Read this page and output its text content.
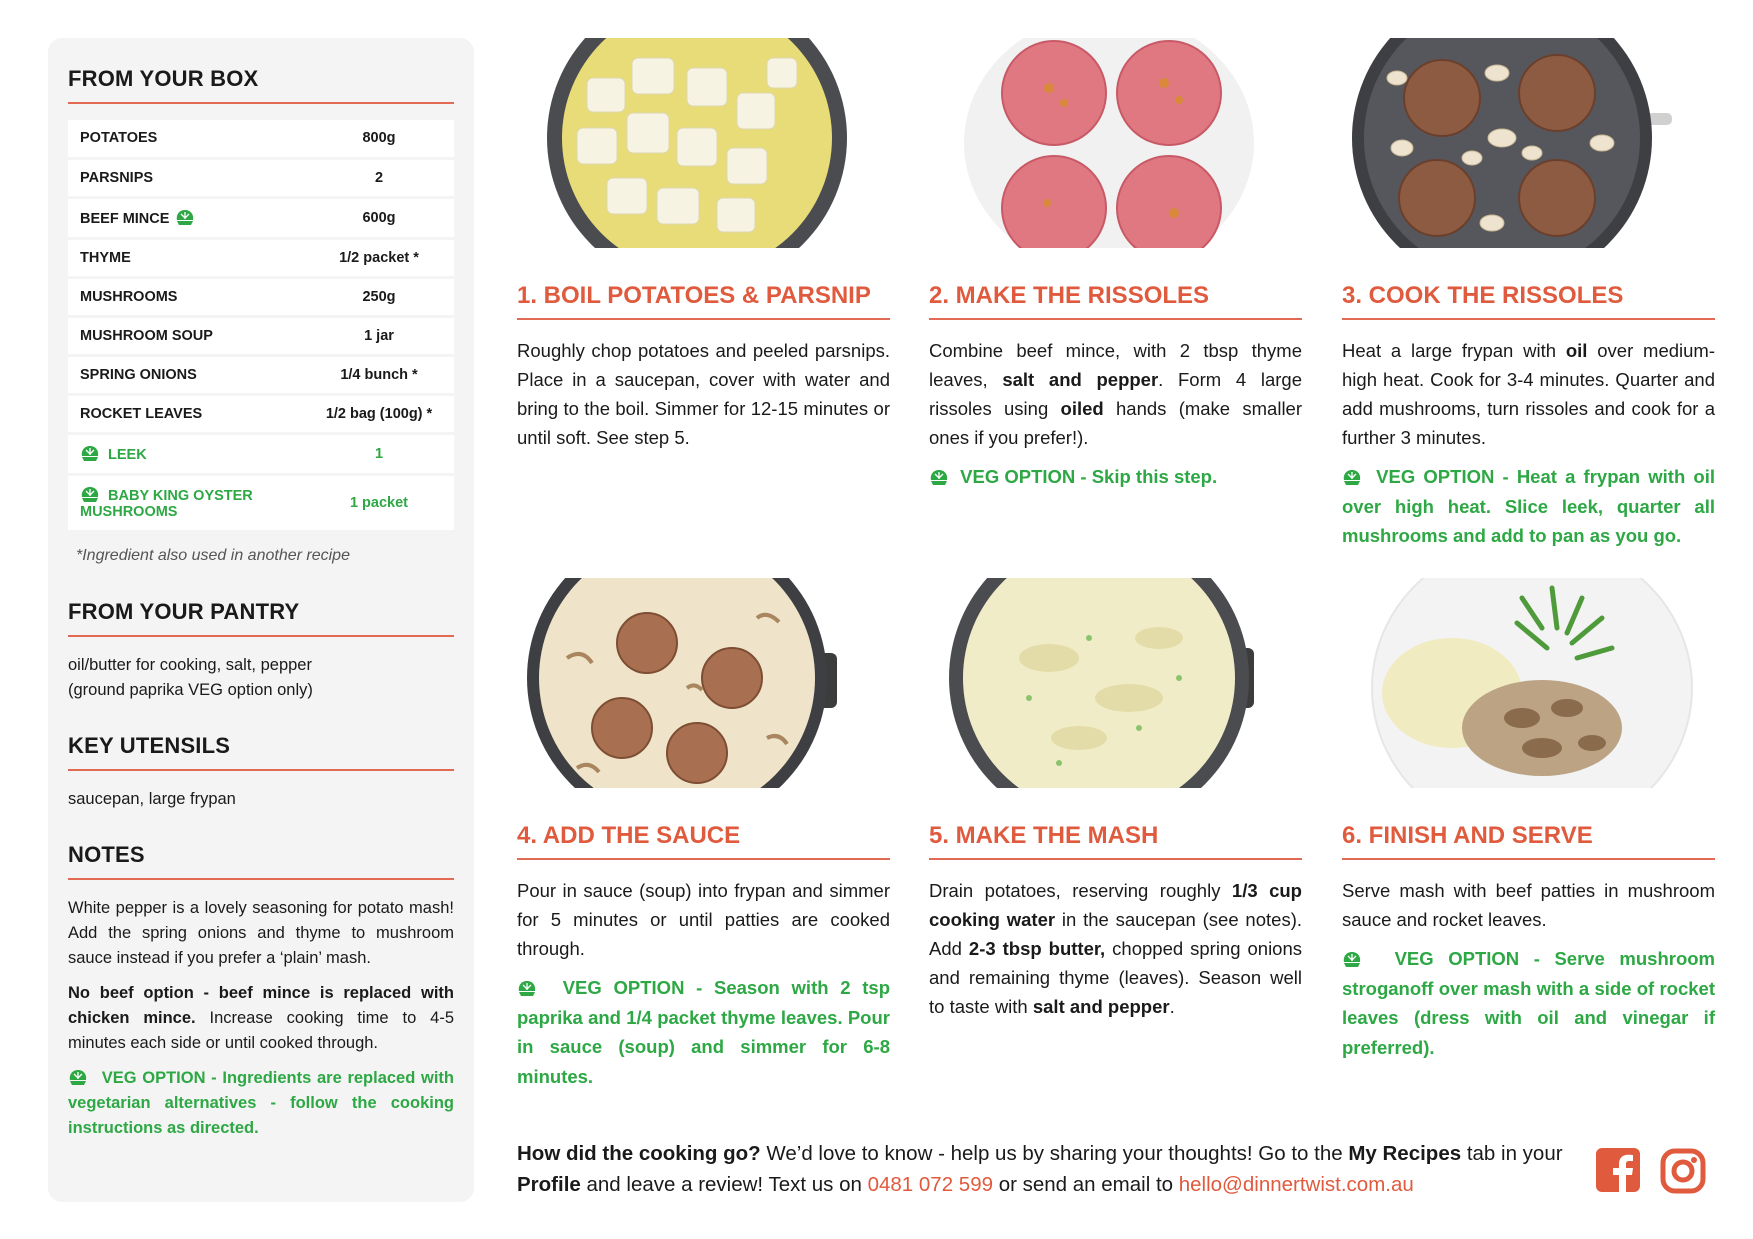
FROM YOUR BOX
POTATOES	800g
PARSNIPS	2
BEEF MINCE	600g
THYME	1/2 packet *
MUSHROOMS	250g
MUSHROOM SOUP	1 jar
SPRING ONIONS	1/4 bunch *
ROCKET LEAVES	1/2 bag (100g) *
LEEK	1
BABY KING OYSTER MUSHROOMS	1 packet
*Ingredient also used in another recipe
FROM YOUR PANTRY
oil/butter for cooking, salt, pepper
(ground paprika VEG option only)
KEY UTENSILS
saucepan, large frypan
NOTES

White pepper is a lovely seasoning for potato mash! Add the spring onions and thyme to mushroom sauce instead if you prefer a ‘plain’ mash.

No beef option - beef mince is replaced with chicken mince. Increase cooking time to 4-5 minutes each side or until cooked through.

VEG OPTION - Ingredients are replaced with vegetarian alternatives - follow the cooking instructions as directed.

1. BOIL POTATOES & PARSNIP

Roughly chop potatoes and peeled parsnips. Place in a saucepan, cover with water and bring to the boil. Simmer for 12-15 minutes or until soft. See step 5.

2. MAKE THE RISSOLES

Combine beef mince, with 2 tbsp thyme leaves, salt and pepper. Form 4 large rissoles using oiled hands (make smaller ones if you prefer!).

VEG OPTION - Skip this step.

3. COOK THE RISSOLES

Heat a large frypan with oil over medium-high heat. Cook for 3-4 minutes. Quarter and add mushrooms, turn rissoles and cook for a further 3 minutes.

VEG OPTION - Heat a frypan with oil over high heat. Slice leek, quarter all mushrooms and add to pan as you go.

4. ADD THE SAUCE

Pour in sauce (soup) into frypan and simmer for 5 minutes or until patties are cooked through.

VEG OPTION - Season with 2 tsp paprika and 1/4 packet thyme leaves. Pour in sauce (soup) and simmer for 6-8 minutes.

5. MAKE THE MASH

Drain potatoes, reserving roughly 1/3 cup cooking water in the saucepan (see notes). Add 2-3 tbsp butter, chopped spring onions and remaining thyme (leaves). Season well to taste with salt and pepper.

6. FINISH AND SERVE

Serve mash with beef patties in mushroom sauce and rocket leaves.

VEG OPTION - Serve mushroom stroganoff over mash with a side of rocket leaves (dress with oil and vinegar if preferred).

How did the cooking go? We’d love to know - help us by sharing your thoughts! Go to the My Recipes tab in your Profile and leave a review! Text us on 0481 072 599 or send an email to hello@dinnertwist.com.au
